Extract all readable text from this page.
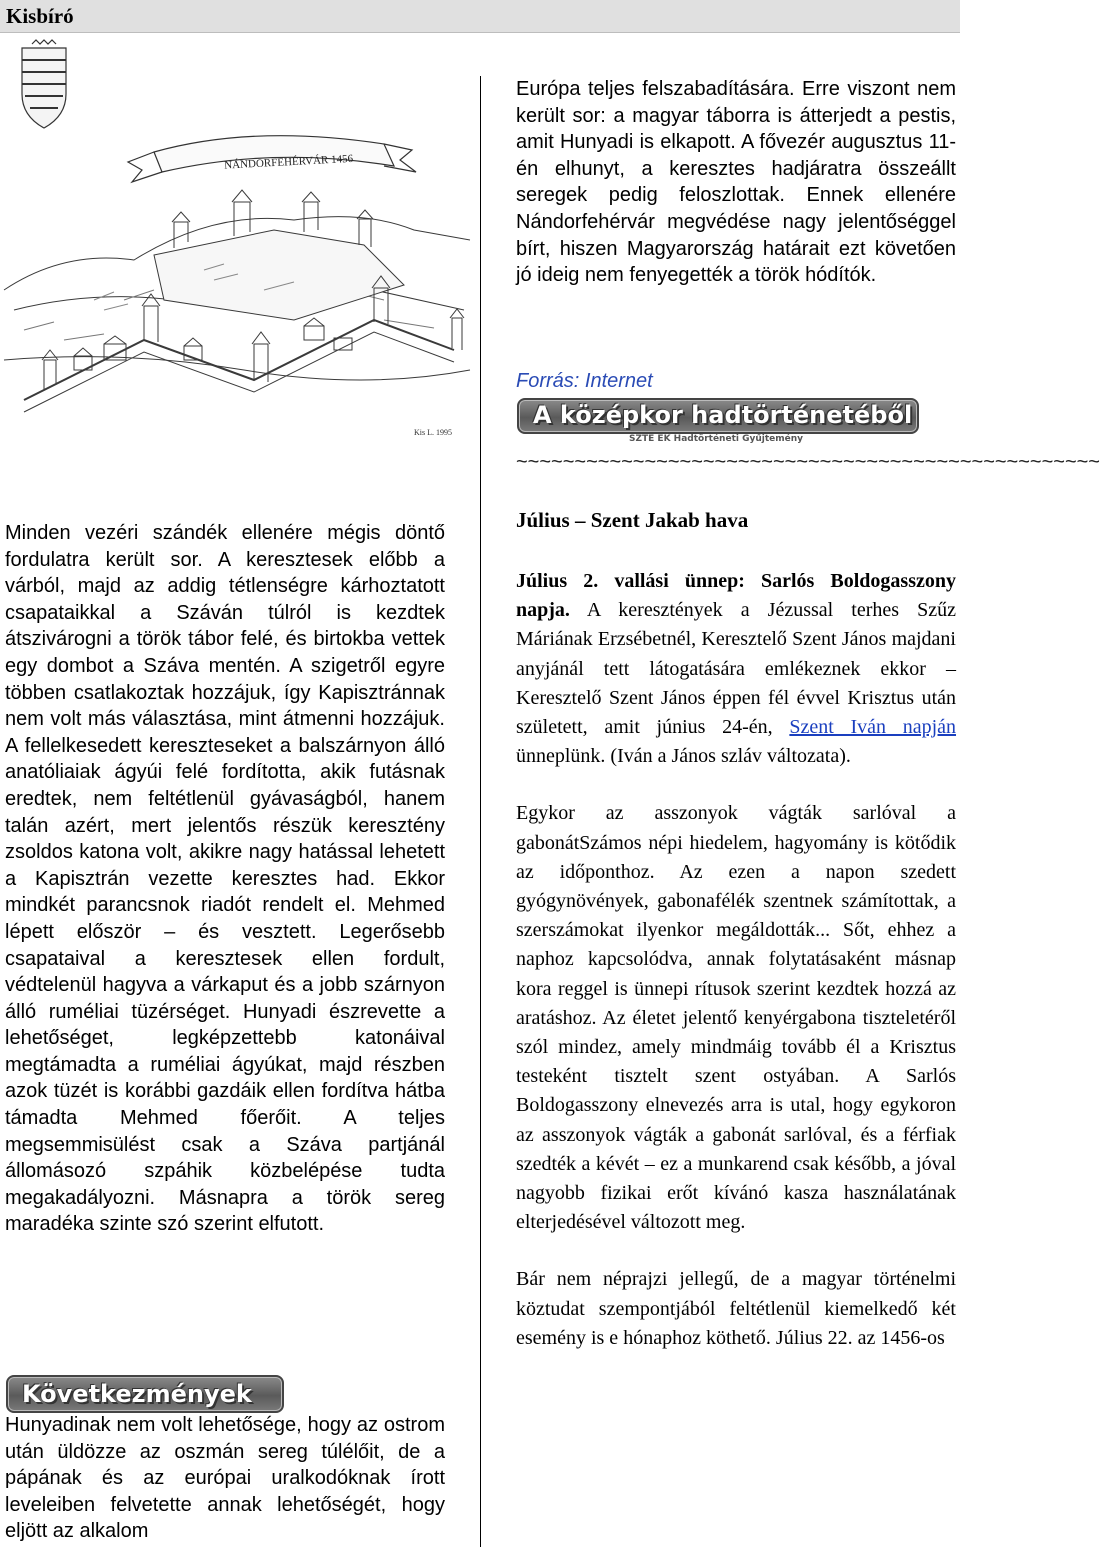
Kisbíró
NÁNDORFEHÉRVÁR 1456
Kis L. 1995

Minden vezéri szándék ellenére mégis döntő fordulatra került sor. A keresztesek előbb a várból, majd az addig tétlenségre kárhoztatott csapataikkal a Száván túlról is kezdtek átszivárogni a török tábor felé, és birtokba vettek egy dombot a Száva mentén. A szigetről egyre többen csatlakoztak hozzájuk, így Kapisztránnak nem volt más választása, mint átmenni hozzájuk. A fellelkesedett kereszteseket a balszárnyon álló anatóliaiak ágyúi felé fordította, akik futásnak eredtek, nem feltétlenül gyávaságból, hanem talán azért, mert jelentős részük keresztény zsoldos katona volt, akikre nagy hatással lehetett a Kapisztrán vezette keresztes had. Ekkor mindkét parancsnok riadót rendelt el. Mehmed lépett először – és vesztett. Legerősebb csapataival a keresztesek ellen fordult, védtelenül hagyva a várkaput és a jobb szárnyon álló ruméliai tüzérséget. Hunyadi észrevette a lehetőséget, legképzettebb katonáival megtámadta a ruméliai ágyúkat, majd részben azok tüzét is korábbi gazdáik ellen fordítva hátba támadta Mehmed főerőit. A teljes megsemmisülést csak a Száva partjánál állomásozó szpáhik közbelépése tudta megakadályozni. Másnapra a török sereg maradéka szinte szó szerint elfutott.

Következmények

Hunyadinak nem volt lehetősége, hogy az ostrom után üldözze az oszmán sereg túlélőit, de a pápának és az európai uralkodóknak írott leveleiben felvetette annak lehetőségét, hogy eljött az alkalom

Európa teljes felszabadítására. Erre viszont nem került sor: a magyar táborra is átterjedt a pestis, amit Hunyadi is elkapott. A fővezér augusztus 11-én elhunyt, a keresztes hadjáratra összeállt seregek pedig feloszlottak. Ennek ellenére Nándorfehérvár megvédése nagy jelentőséggel bírt, hiszen Magyarország határait ezt követően jó ideig nem fenyegették a török hódítók.

Forrás: Internet

A középkor hadtörténetéből
SZTE EK Hadtörténeti Gyűjtemény
~~~~~~~~~~~~~~~~~~~~~~~~~~~~~~~~~~~~~~~~~~~~~~~~~~

Július – Szent Jakab hava

Július 2. vallási ünnep: Sarlós Boldogasszony napja. A keresztények a Jézussal terhes Szűz Máriának Erzsébetnél, Keresztelő Szent János majdani anyjánál tett látogatására emlékeznek ekkor – Keresztelő Szent János éppen fél évvel Krisztus után született, amit június 24-én, Szent Iván napján ünneplünk. (Iván a János szláv változata).

Egykor az asszonyok vágták sarlóval a gabonátSzámos népi hiedelem, hagyomány is kötődik az időponthoz. Az ezen a napon szedett gyógynövények, gabonafélék szentnek számítottak, a szerszámokat ilyenkor megáldották... Sőt, ehhez a naphoz kapcsolódva, annak folytatásaként másnap kora reggel is ünnepi rítusok szerint kezdtek hozzá az aratáshoz. Az életet jelentő kenyérgabona tiszteletéről szól mindez, amely mindmáig tovább él a Krisztus testeként tisztelt szent ostyában. A Sarlós Boldogasszony elnevezés arra is utal, hogy egykoron az asszonyok vágták a gabonát sarlóval, és a férfiak szedték a kévét – ez a munkarend csak később, a jóval nagyobb fizikai erőt kívánó kasza használatának elterjedésével változott meg.

Bár nem néprajzi jellegű, de a magyar történelmi köztudat szempontjából feltétlenül kiemelkedő két esemény is e hónaphoz köthető. Július 22. az 1456-os
